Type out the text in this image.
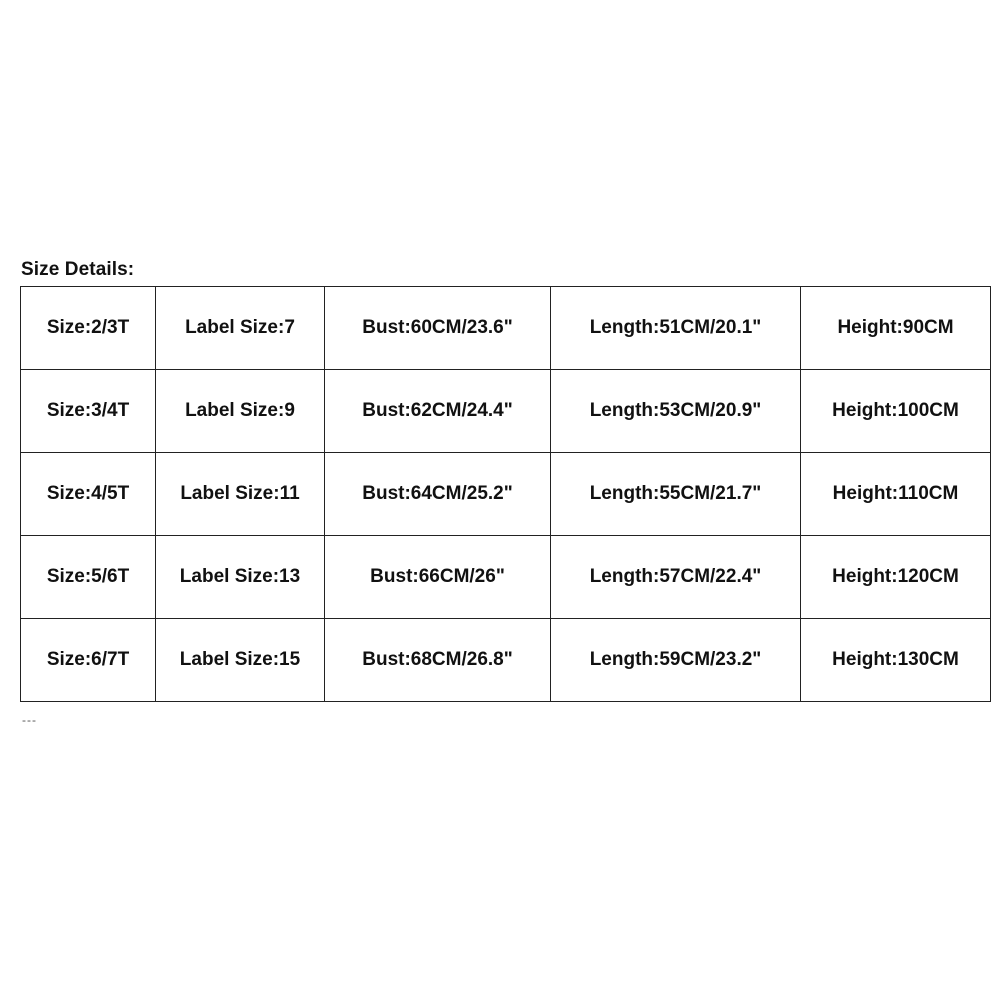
Size Details:
Size:2/3T	Label Size:7	Bust:60CM/23.6"	Length:51CM/20.1"	Height:90CM
Size:3/4T	Label Size:9	Bust:62CM/24.4"	Length:53CM/20.9"	Height:100CM
Size:4/5T	Label Size:11	Bust:64CM/25.2"	Length:55CM/21.7"	Height:110CM
Size:5/6T	Label Size:13	Bust:66CM/26"	Length:57CM/22.4"	Height:120CM
Size:6/7T	Label Size:15	Bust:68CM/26.8"	Length:59CM/23.2"	Height:130CM
---
